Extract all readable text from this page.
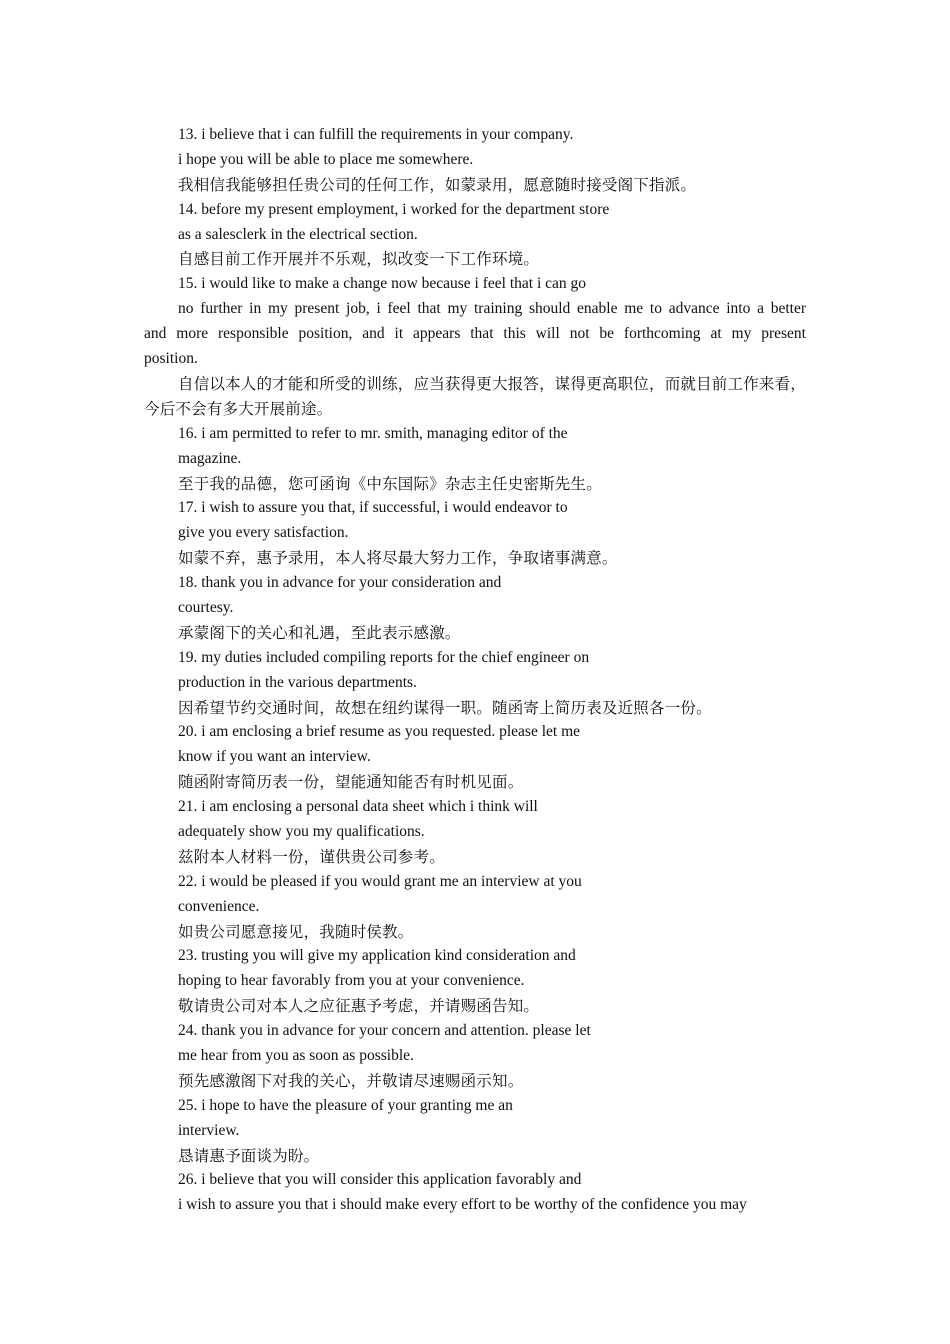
13. i believe that i can fulfill the requirements in your company.

i hope you will be able to place me somewhere.

我相信我能够担任贵公司的任何工作，如蒙录用，愿意随时接受阁下指派。

14. before my present employment, i worked for the department store

as a salesclerk in the electrical section.

自感目前工作开展并不乐观，拟改变一下工作环境。

15. i would like to make a change now because i feel that i can go

no further in my present job, i feel that my training should enable me to advance into a better

and more responsible position, and it appears that this will not be forthcoming at my present

position.

自信以本人的才能和所受的训练，应当获得更大报答，谋得更高职位，而就目前工作来看，今后不会有多大开展前途。

16. i am permitted to refer to mr. smith, managing editor of the

magazine.

至于我的品德，您可函询《中东国际》杂志主任史密斯先生。

17. i wish to assure you that, if successful, i would endeavor to

give you every satisfaction.

如蒙不弃，惠予录用，本人将尽最大努力工作，争取诸事满意。

18. thank you in advance for your consideration and

courtesy.

承蒙阁下的关心和礼遇，至此表示感激。

19. my duties included compiling reports for the chief engineer on

production in the various departments.

因希望节约交通时间，故想在纽约谋得一职。随函寄上简历表及近照各一份。

20. i am enclosing a brief resume as you requested. please let me

know if you want an interview.

随函附寄简历表一份，望能通知能否有时机见面。

21. i am enclosing a personal data sheet which i think will

adequately show you my qualifications.

兹附本人材料一份，谨供贵公司参考。

22. i would be pleased if you would grant me an interview at you

convenience.

如贵公司愿意接见，我随时侯教。

23. trusting you will give my application kind consideration and

hoping to hear favorably from you at your convenience.

敬请贵公司对本人之应征惠予考虑，并请赐函告知。

24. thank you in advance for your concern and attention. please let

me hear from you as soon as possible.

预先感激阁下对我的关心，并敬请尽速赐函示知。

25. i hope to have the pleasure of your granting me an

interview.

恳请惠予面谈为盼。

26. i believe that you will consider this application favorably and

i wish to assure you that i should make every effort to be worthy of the confidence you may
